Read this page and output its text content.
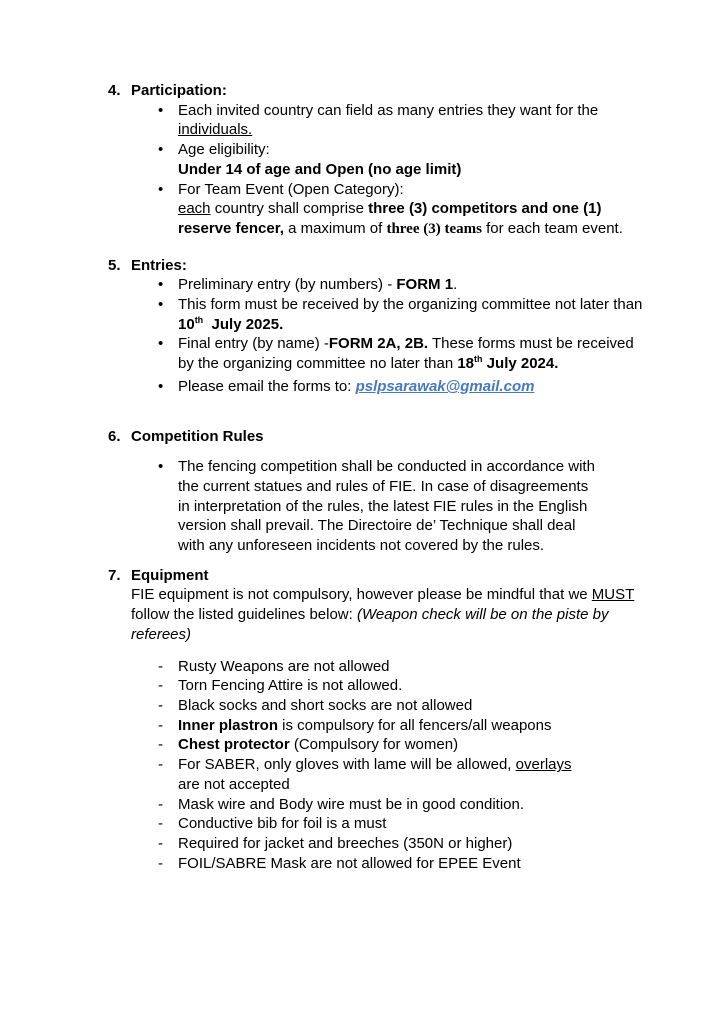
4. Participation:
• Each invited country can field as many entries they want for the
individuals.
• Age eligibility:
Under 14 of age and Open (no age limit)
• For Team Event (Open Category):
each country shall comprise three (3) competitors and one (1)
reserve fencer, a maximum of three (3) teams for each team event.
5. Entries:
• Preliminary entry (by numbers) - FORM 1.
• This form must be received by the organizing committee not later than
10th  July 2025.
• Final entry (by name) -FORM 2A, 2B. These forms must be received
by the organizing committee no later than 18th July 2024.
• Please email the forms to: pslpsarawak@gmail.com
6. Competition Rules
• The fencing competition shall be conducted in accordance with
the current statues and rules of FIE. In case of disagreements
in interpretation of the rules, the latest FIE rules in the English
version shall prevail. The Directoire de’ Technique shall deal
with any unforeseen incidents not covered by the rules.
7. Equipment
FIE equipment is not compulsory, however please be mindful that we MUST
follow the listed guidelines below: (Weapon check will be on the piste by
referees)
-	Rusty Weapons are not allowed
-	Torn Fencing Attire is not allowed.
-	Black socks and short socks are not allowed
-	Inner plastron is compulsory for all fencers/all weapons
-	Chest protector (Compulsory for women)
-	For SABER, only gloves with lame will be allowed, overlays
are not accepted
-	Mask wire and Body wire must be in good condition.
-	Conductive bib for foil is a must
-	Required for jacket and breeches (350N or higher)
-	FOIL/SABRE Mask are not allowed for EPEE Event
